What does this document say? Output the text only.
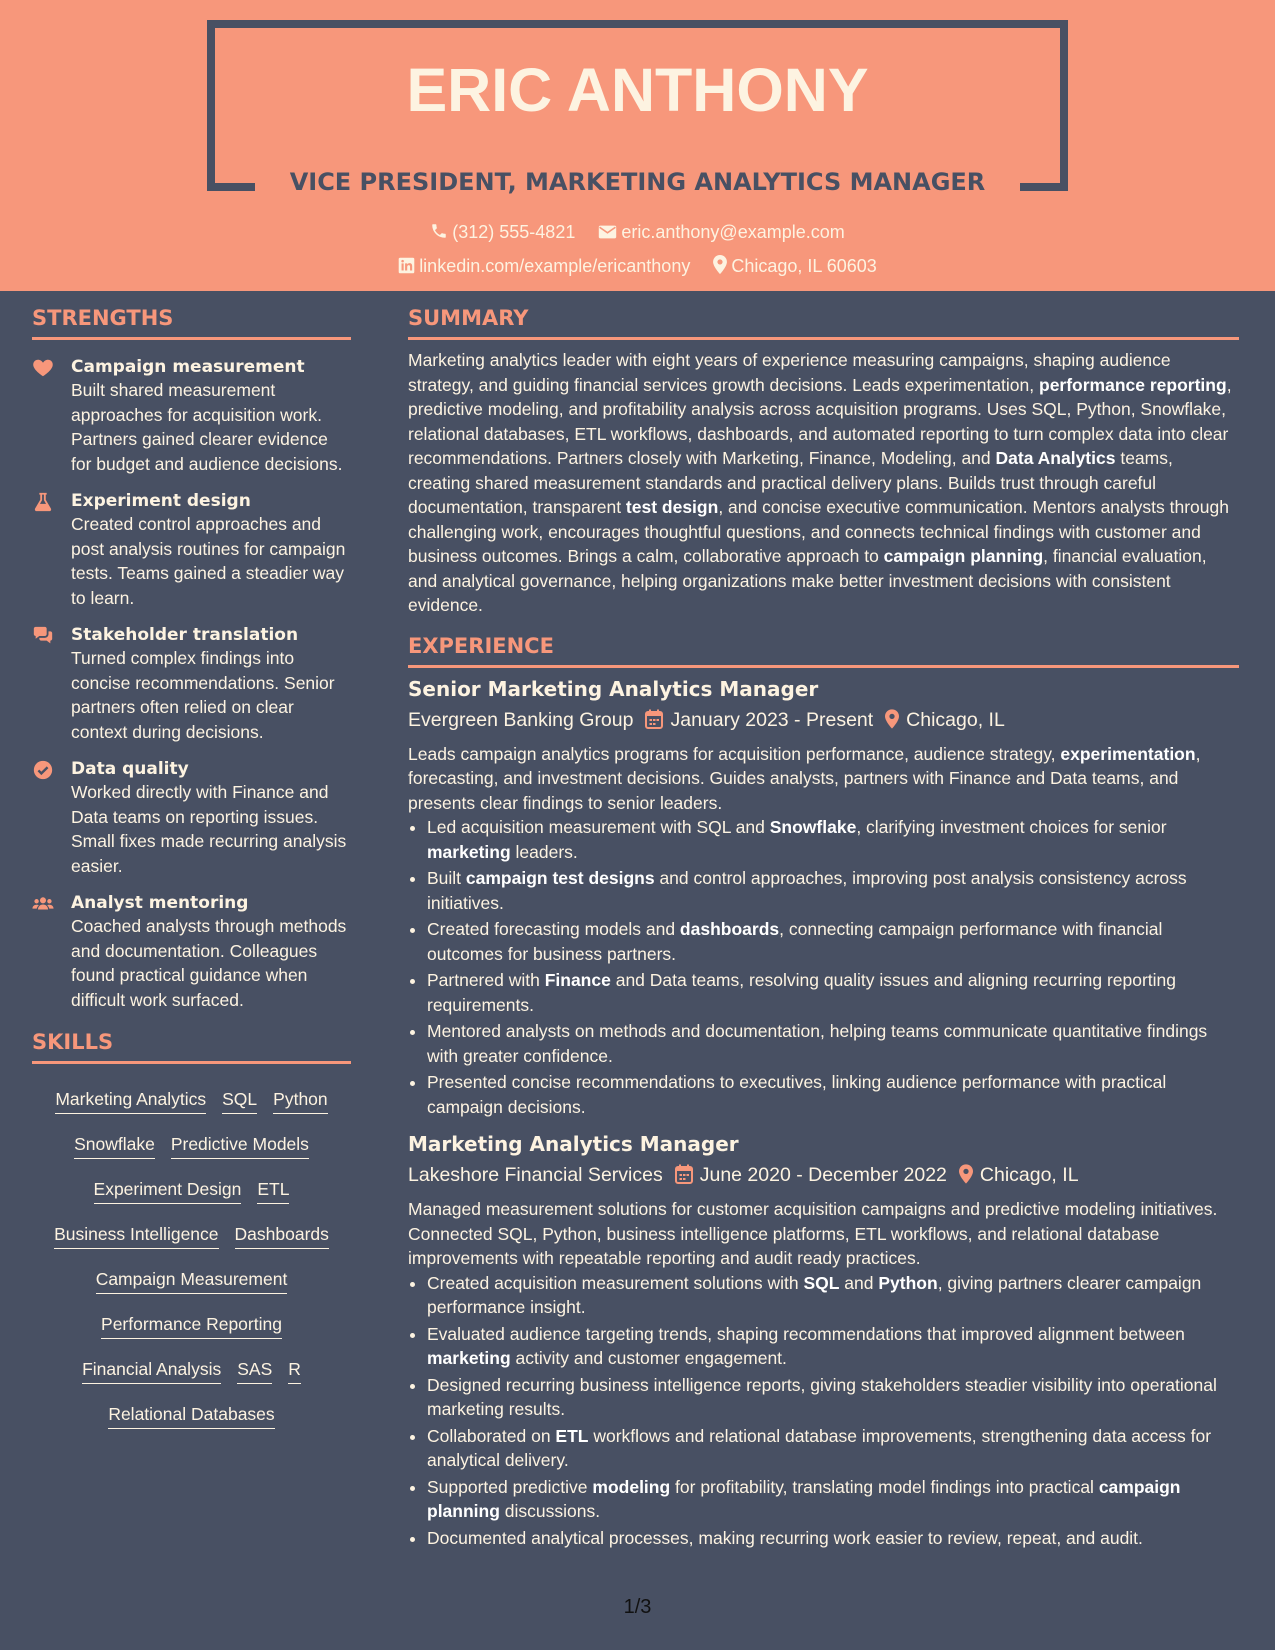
ERIC ANTHONY
VICE PRESIDENT, MARKETING ANALYTICS MANAGER
(312) 555-4821	eric.anthony@example.com
linkedin.com/example/ericanthony Chicago, IL 60603
STRENGTHS
Campaign measurement
Built shared measurement approaches for acquisition work. Partners gained clearer evidence for budget and audience decisions.
Experiment design
Created control approaches and post analysis routines for campaign tests. Teams gained a steadier way to learn.
Stakeholder translation
Turned complex findings into concise recommendations. Senior partners often relied on clear context during decisions.
Data quality
Worked directly with Finance and Data teams on reporting issues. Small fixes made recurring analysis easier.
Analyst mentoring
Coached analysts through methods and documentation. Colleagues found practical guidance when difficult work surfaced.
SKILLS
Marketing Analytics SQL Python
Snowflake Predictive Models
Experiment Design ETL
Business Intelligence Dashboards
Campaign Measurement
Performance Reporting
Financial Analysis SAS R
Relational Databases
SUMMARY
Marketing analytics leader with eight years of experience measuring campaigns, shaping audience strategy, and guiding financial services growth decisions. Leads experimentation, performance reporting, predictive modeling, and profitability analysis across acquisition programs. Uses SQL, Python, Snowflake, relational databases, ETL workflows, dashboards, and automated reporting to turn complex data into clear recommendations. Partners closely with Marketing, Finance, Modeling, and Data Analytics teams, creating shared measurement standards and practical delivery plans. Builds trust through careful documentation, transparent test design, and concise executive communication. Mentors analysts through challenging work, encourages thoughtful questions, and connects technical findings with customer and business outcomes. Brings a calm, collaborative approach to campaign planning, financial evaluation, and analytical governance, helping organizations make better investment decisions with consistent evidence.
EXPERIENCE
Senior Marketing Analytics Manager
Evergreen Banking Group January 2023 - Present Chicago, IL
Leads campaign analytics programs for acquisition performance, audience strategy, experimentation, forecasting, and investment decisions. Guides analysts, partners with Finance and Data teams, and presents clear findings to senior leaders.
• Led acquisition measurement with SQL and Snowflake, clarifying investment choices for senior marketing leaders.
• Built campaign test designs and control approaches, improving post analysis consistency across initiatives.
• Created forecasting models and dashboards, connecting campaign performance with financial outcomes for business partners.
• Partnered with Finance and Data teams, resolving quality issues and aligning recurring reporting requirements.
• Mentored analysts on methods and documentation, helping teams communicate quantitative findings with greater confidence.
• Presented concise recommendations to executives, linking audience performance with practical campaign decisions.
Marketing Analytics Manager
Lakeshore Financial Services June 2020 - December 2022 Chicago, IL
Managed measurement solutions for customer acquisition campaigns and predictive modeling initiatives. Connected SQL, Python, business intelligence platforms, ETL workflows, and relational database improvements with repeatable reporting and audit ready practices.
• Created acquisition measurement solutions with SQL and Python, giving partners clearer campaign performance insight.
• Evaluated audience targeting trends, shaping recommendations that improved alignment between marketing activity and customer engagement.
• Designed recurring business intelligence reports, giving stakeholders steadier visibility into operational marketing results.
• Collaborated on ETL workflows and relational database improvements, strengthening data access for analytical delivery.
• Supported predictive modeling for profitability, translating model findings into practical campaign planning discussions.
• Documented analytical processes, making recurring work easier to review, repeat, and audit.
1/3
